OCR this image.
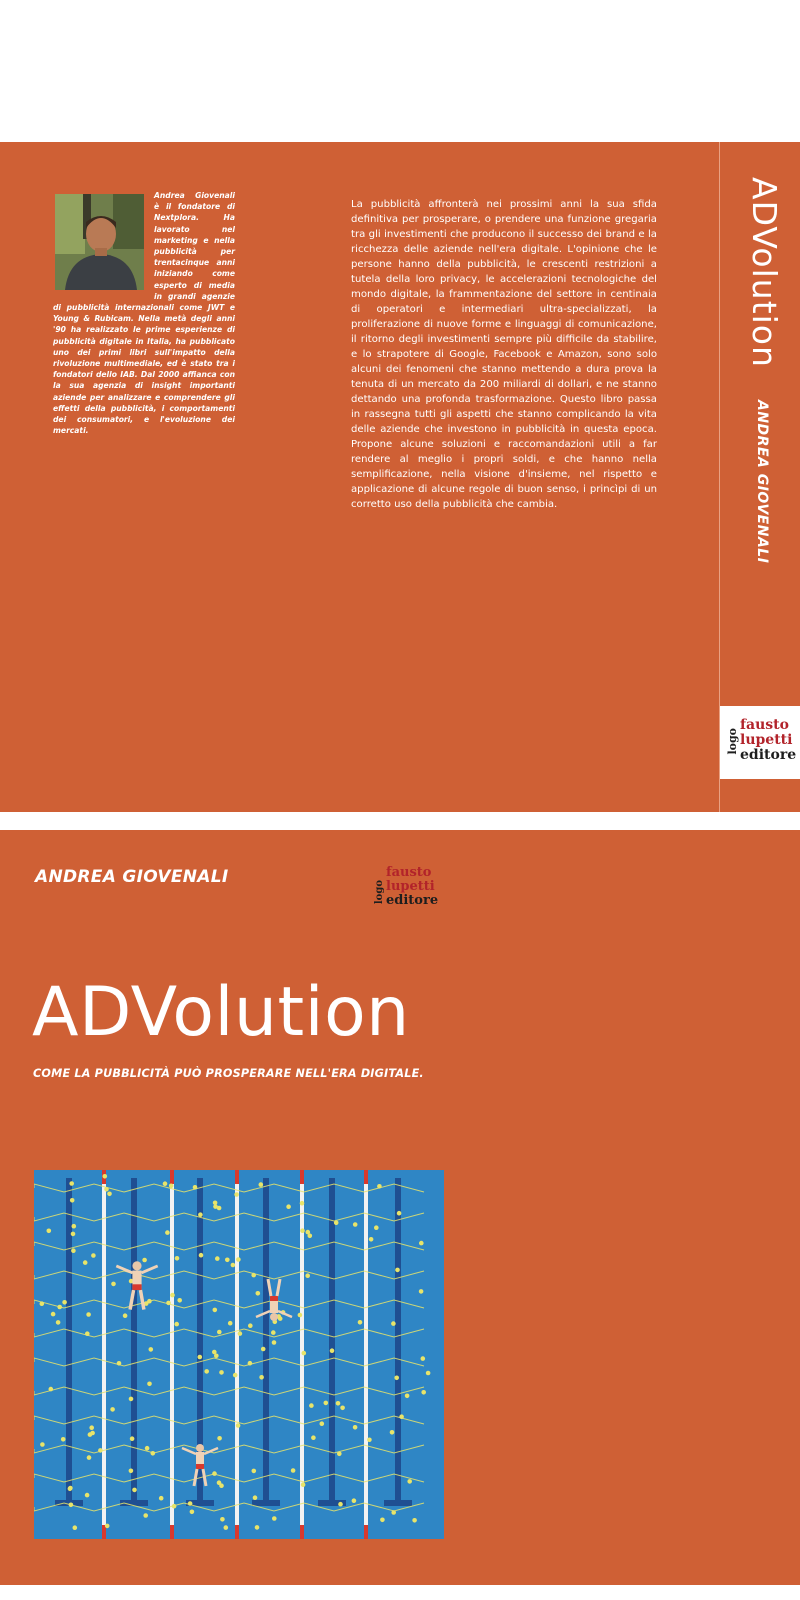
Andrea Giovenali è il fondatore di Nextplora. Ha lavorato nel marketing e nella pubblicità per trentacinque anni iniziando come esperto di media in grandi agenzie di pubblicità internazionali come JWT e Young & Rubicam. Nella metà degli anni '90 ha realizzato le prime esperienze di pubblicità digitale in Italia, ha pubblicato uno dei primi libri sull'impatto della rivoluzione multimediale, ed è stato tra i fondatori dello IAB. Dal 2000 affianca con la sua agenzia di insight importanti aziende per analizzare e comprendere gli effetti della pubblicità, i comportamenti dei consumatori, e l'evoluzione dei mercati.
La pubblicità affronterà nei prossimi anni la sua sfida definitiva per prosperare, o prendere una funzione gregaria tra gli investimenti che producono il successo dei brand e la ricchezza delle aziende nell'era digitale. L'opinione che le persone hanno della pubblicità, le crescenti restrizioni a tutela della loro privacy, le accelerazioni tecnologiche del mondo digitale, la frammentazione del settore in centinaia di operatori e intermediari ultra-specializzati, la proliferazione di nuove forme e linguaggi di comunicazione, il ritorno degli investimenti sempre più difficile da stabilire, e lo strapotere di Google, Facebook e Amazon, sono solo alcuni dei fenomeni che stanno mettendo a dura prova la tenuta di un mercato da 200 miliardi di dollari, e ne stanno dettando una profonda trasformazione. Questo libro passa in rassegna tutti gli aspetti che stanno complicando la vita delle aziende che investono in pubblicità in questa epoca. Propone alcune soluzioni e raccomandazioni utili a far rendere al meglio i propri soldi, e che hanno nella semplificazione, nella visione d'insieme, nel rispetto e applicazione di alcune regole di buon senso, i princìpi di un corretto uso della pubblicità che cambia.
ADVolution
ANDREA GIOVENALI
logo
fausto
lupetti
editore
ANDREA GIOVENALI
logo
fausto
lupetti
editore
ADVolution
COME LA PUBBLICITÀ PUÒ PROSPERARE NELL'ERA DIGITALE.
